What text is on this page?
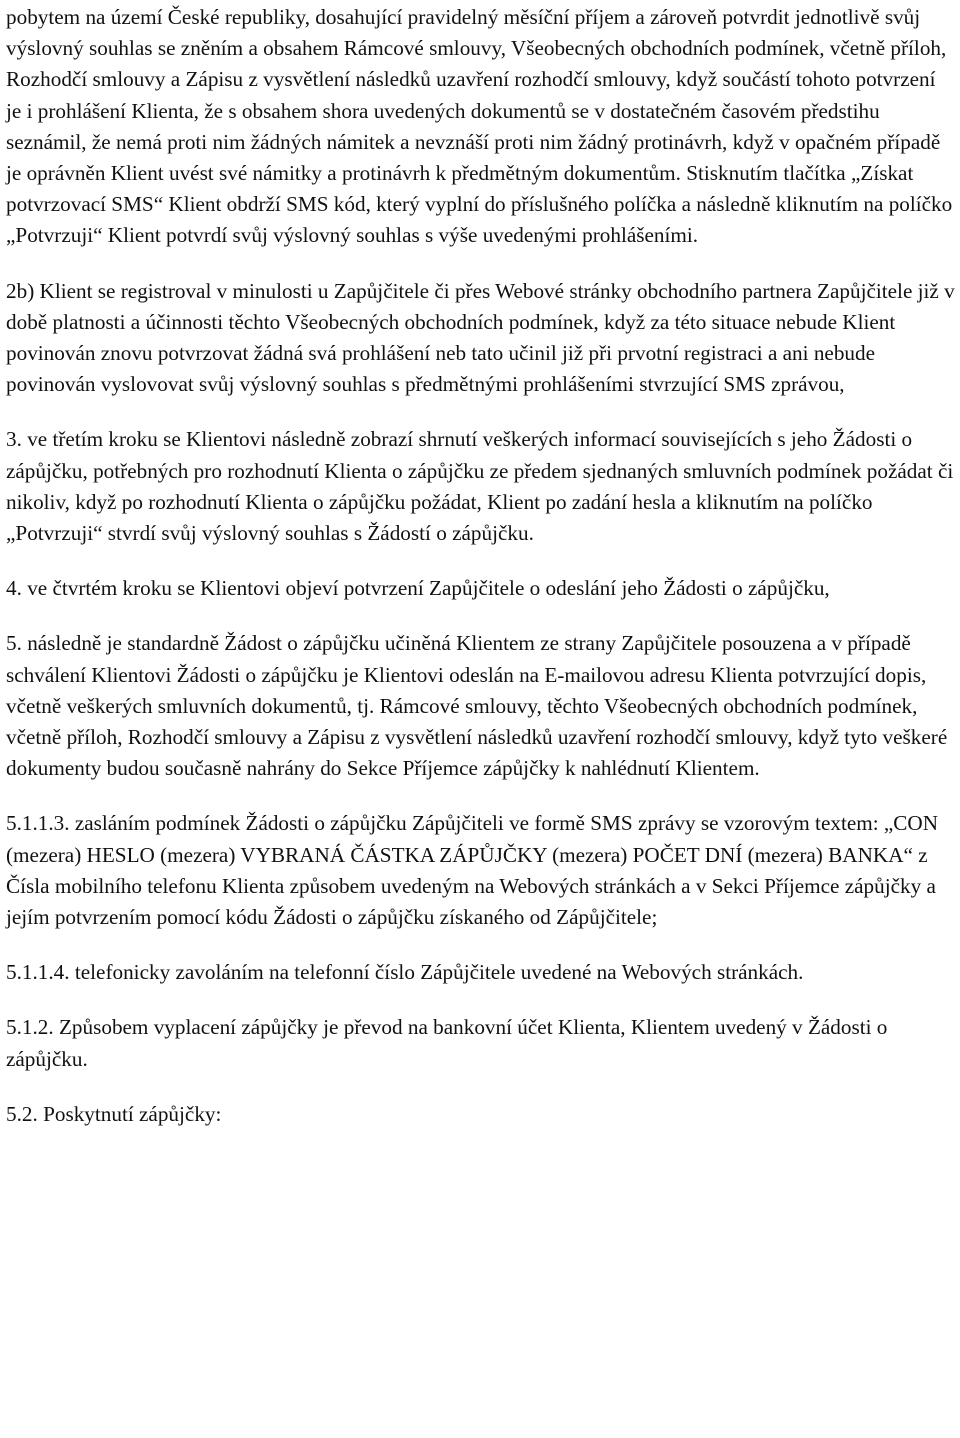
pobytem na území České republiky, dosahující pravidelný měsíční příjem a zároveň potvrdit jednotlivě svůj výslovný souhlas se zněním a obsahem Rámcové smlouvy, Všeobecných obchodních podmínek, včetně příloh, Rozhodčí smlouvy a Zápisu z vysvětlení následků uzavření rozhodčí smlouvy, když součástí tohoto potvrzení je i prohlášení Klienta, že s obsahem shora uvedených dokumentů se v dostatečném časovém předstihu seznámil, že nemá proti nim žádných námitek a nevznáší proti nim žádný protinávrh, když v opačném případě je oprávněn Klient uvést své námitky a protinávrh k předmětným dokumentům. Stisknutím tlačítka „Získat potvrzovací SMS“ Klient obdrží SMS kód, který vyplní do příslušného políčka a následně kliknutím na políčko „Potvrzuji“ Klient potvrdí svůj výslovný souhlas s výše uvedenými prohlášeními.

2b) Klient se registroval v minulosti u Zapůjčitele či přes Webové stránky obchodního partnera Zapůjčitele již v době platnosti a účinnosti těchto Všeobecných obchodních podmínek, když za této situace nebude Klient povinován znovu potvrzovat žádná svá prohlášení neb tato učinil již při prvotní registraci a ani nebude povinován vyslovovat svůj výslovný souhlas s předmětnými prohlášeními stvrzující SMS zprávou,

3. ve třetím kroku se Klientovi následně zobrazí shrnutí veškerých informací souvisejících s jeho Žádosti o zápůjčku, potřebných pro rozhodnutí Klienta o zápůjčku ze předem sjednaných smluvních podmínek požádat či nikoliv, když po rozhodnutí Klienta o zápůjčku požádat, Klient po zadání hesla a kliknutím na políčko „Potvrzuji“ stvrdí svůj výslovný souhlas s Žádostí o zápůjčku.

4. ve čtvrtém kroku se Klientovi objeví potvrzení Zapůjčitele o odeslání jeho Žádosti o zápůjčku,

5. následně je standardně Žádost o zápůjčku učiněná Klientem ze strany Zapůjčitele posouzena a v případě schválení Klientovi Žádosti o zápůjčku je Klientovi odeslán na E-mailovou adresu Klienta potvrzující dopis, včetně veškerých smluvních dokumentů, tj. Rámcové smlouvy, těchto Všeobecných obchodních podmínek, včetně příloh, Rozhodčí smlouvy a Zápisu z vysvětlení následků uzavření rozhodčí smlouvy, když tyto veškeré dokumenty budou současně nahrány do Sekce Příjemce zápůjčky k nahlédnutí Klientem.

5.1.1.3. zasláním podmínek Žádosti o zápůjčku Zápůjčiteli ve formě SMS zprávy se vzorovým textem: „CON (mezera) HESLO (mezera) VYBRANÁ ČÁSTKA ZÁPŮJČKY (mezera) POČET DNÍ (mezera) BANKA“ z Čísla mobilního telefonu Klienta způsobem uvedeným na Webových stránkách a v Sekci Příjemce zápůjčky a jejím potvrzením pomocí kódu Žádosti o zápůjčku získaného od Zápůjčitele;

5.1.1.4. telefonicky zavoláním na telefonní číslo Zápůjčitele uvedené na Webových stránkách.

5.1.2. Způsobem vyplacení zápůjčky je převod na bankovní účet Klienta, Klientem uvedený v Žádosti o zápůjčku.

5.2. Poskytnutí zápůjčky:
